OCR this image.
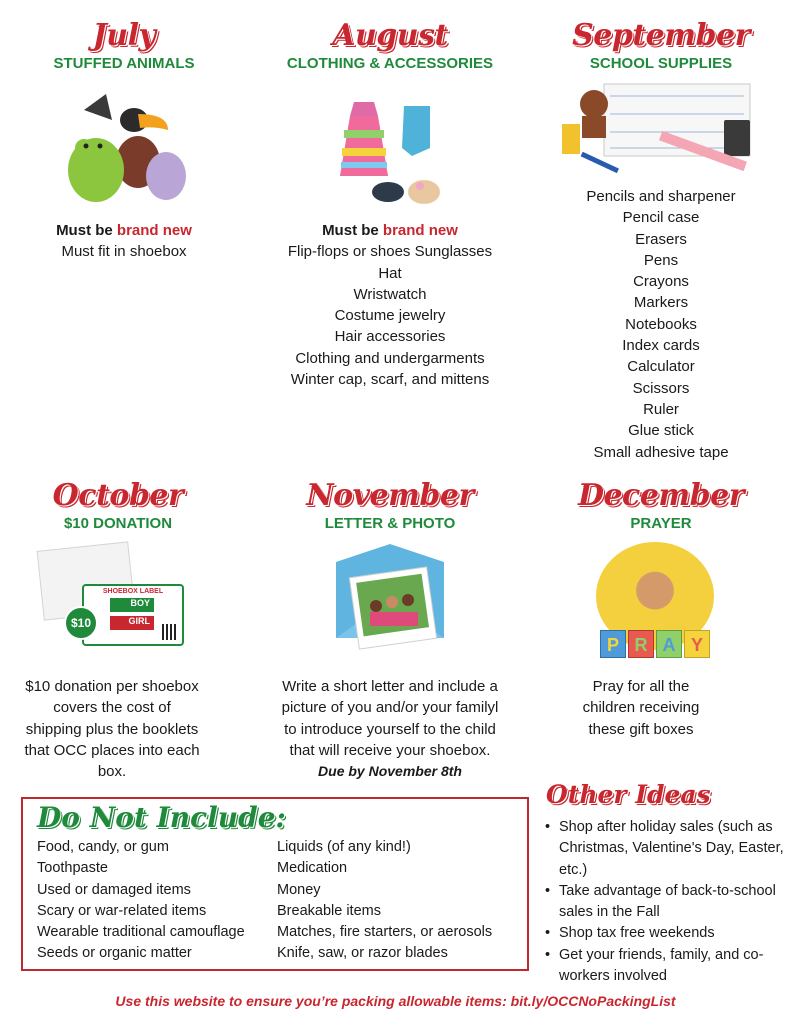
July
STUFFED ANIMALS
Must be brand new
Must fit in shoebox
August
CLOTHING & ACCESSORIES
Must be brand new
Flip-flops or shoes Sunglasses
Hat
Wristwatch
Costume jewelry
Hair accessories
Clothing and undergarments
Winter cap, scarf, and mittens
September
SCHOOL SUPPLIES
Pencils and sharpener
Pencil case
Erasers
Pens
Crayons
Markers
Notebooks
Index cards
Calculator
Scissors
Ruler
Glue stick
Small adhesive tape
October
$10 DONATION
SHOEBOX LABEL
BOY
GIRL
$10
$10 donation per shoebox
covers the cost of
shipping plus the booklets
that OCC places into each
box.
November
LETTER & PHOTO
Write a short letter and include a
picture of you and/or your familyl
to introduce yourself to the child
that will receive your shoebox.
Due by November 8th
December
PRAYER
P R A Y
Pray for all the
children receiving
these gift boxes
Do Not Include:
Food, candy, or gum
Toothpaste
Used or damaged items
Scary or war-related items
Wearable traditional camouflage
Seeds or organic matter
Liquids (of any kind!)
Medication
Money
Breakable items
Matches, fire starters, or aerosols
Knife, saw, or razor blades
Other Ideas
• Shop after holiday sales (such as Christmas, Valentine's Day, Easter, etc.)
• Take advantage of back-to-school sales in the Fall
• Shop tax free weekends
• Get your friends, family, and co-workers involved
Use this website to ensure you’re packing allowable items: bit.ly/OCCNoPackingList
